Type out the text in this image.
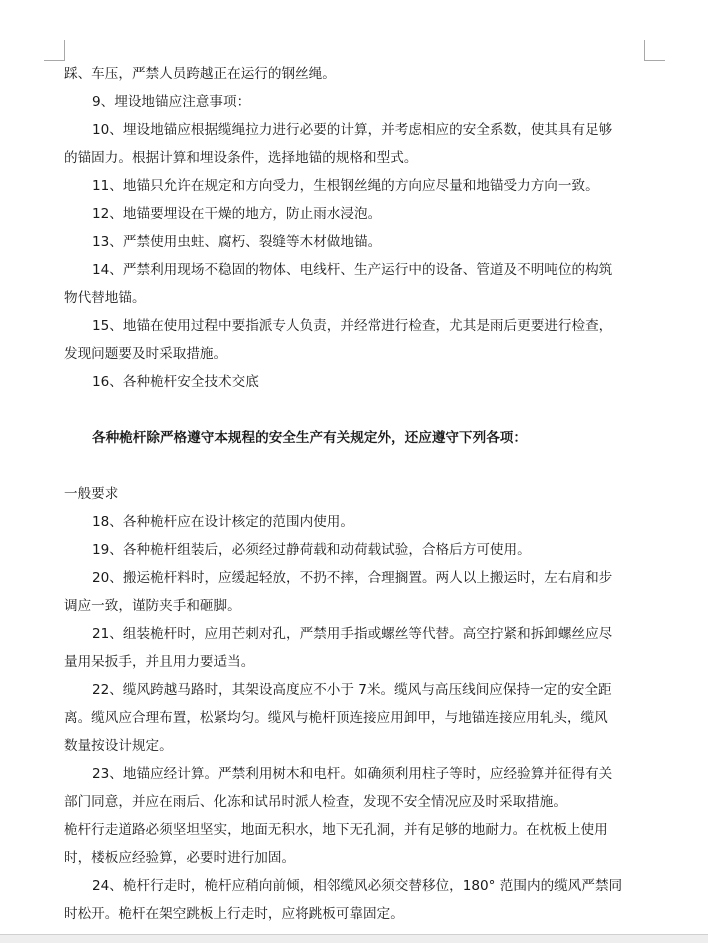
踩、车压，严禁人员跨越正在运行的钢丝绳。
9、埋设地锚应注意事项：
10、埋设地锚应根据缆绳拉力进行必要的计算，并考虑相应的安全系数，使其具有足够
的锚固力。根据计算和埋设条件，选择地锚的规格和型式。
11、地锚只允许在规定和方向受力，生根钢丝绳的方向应尽量和地锚受力方向一致。
12、地锚要埋设在干燥的地方，防止雨水浸泡。
13、严禁使用虫蛀、腐朽、裂缝等木材做地锚。
14、严禁利用现场不稳固的物体、电线杆、生产运行中的设备、管道及不明吨位的构筑
物代替地锚。
15、地锚在使用过程中要指派专人负责，并经常进行检查，尤其是雨后更要进行检查，
发现问题要及时采取措施。
16、各种桅杆安全技术交底
各种桅杆除严格遵守本规程的安全生产有关规定外，还应遵守下列各项：
一般要求
18、各种桅杆应在设计核定的范围内使用。
19、各种桅杆组装后，必须经过静荷载和动荷载试验，合格后方可使用。
20、搬运桅杆料时，应缓起轻放，不扔不摔，合理搁置。两人以上搬运时，左右肩和步
调应一致，谨防夹手和砸脚。
21、组装桅杆时，应用芒刺对孔，严禁用手指或螺丝等代替。高空拧紧和拆卸螺丝应尽
量用呆扳手，并且用力要适当。
22、缆风跨越马路时，其架设高度应不小于 7米。缆风与高压线间应保持一定的安全距
离。缆风应合理布置，松紧均匀。缆风与桅杆顶连接应用卸甲，与地锚连接应用轧头，缆风
数量按设计规定。
23、地锚应经计算。严禁利用树木和电杆。如确须利用柱子等时，应经验算并征得有关
部门同意，并应在雨后、化冻和试吊时派人检查，发现不安全情况应及时采取措施。
桅杆行走道路必须坚坦坚实，地面无积水，地下无孔洞，并有足够的地耐力。在枕板上使用
时，楼板应经验算，必要时进行加固。
24、桅杆行走时，桅杆应稍向前倾，相邻缆风必须交替移位，180° 范围内的缆风严禁同
时松开。桅杆在架空跳板上行走时，应将跳板可靠固定。
